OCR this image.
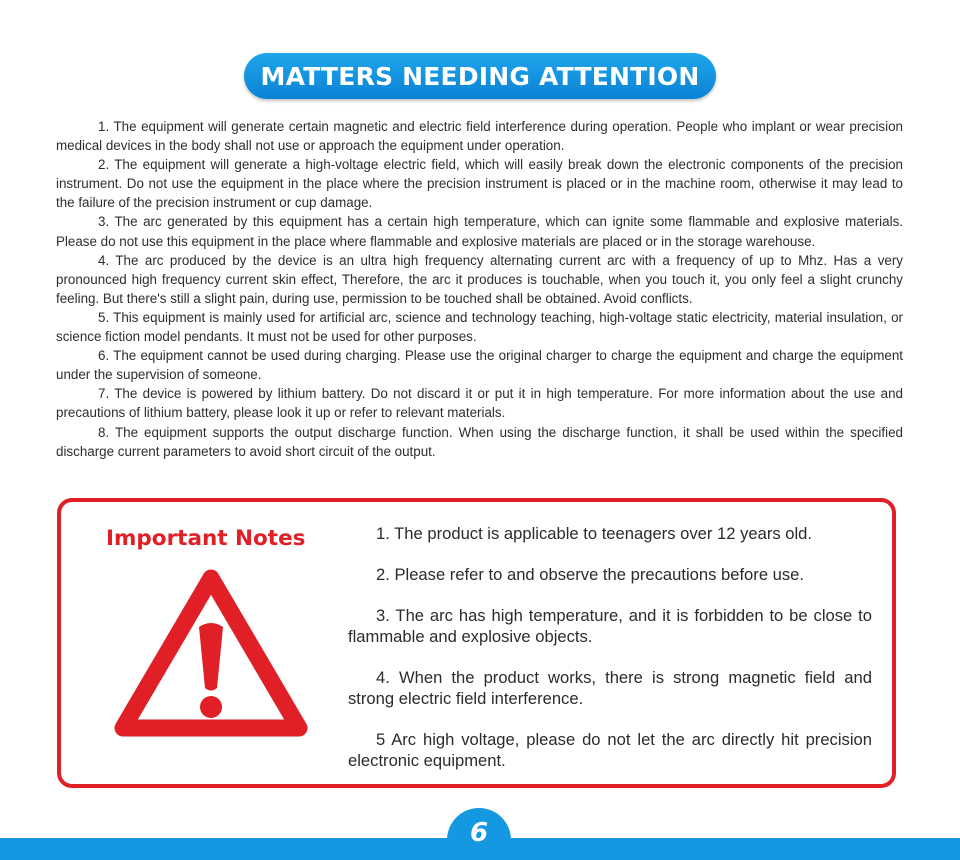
MATTERS NEEDING ATTENTION
1. The equipment will generate certain magnetic and electric field interference during operation. People who implant or wear precision medical devices in the body shall not use or approach the equipment under operation.
2. The equipment will generate a high-voltage electric field, which will easily break down the electronic components of the precision instrument. Do not use the equipment in the place where the precision instrument is placed or in the machine room, otherwise it may lead to the failure of the precision instrument or cup damage.
3. The arc generated by this equipment has a certain high temperature, which can ignite some flammable and explosive materials. Please do not use this equipment in the place where flammable and explosive materials are placed or in the storage warehouse.
4. The arc produced by the device is an ultra high frequency alternating current arc with a frequency of up to Mhz. Has a very pronounced high frequency current skin effect, Therefore, the arc it produces is touchable, when you touch it, you only feel a slight crunchy feeling. But there's still a slight pain, during use, permission to be touched shall be obtained. Avoid conflicts.
5. This equipment is mainly used for artificial arc, science and technology teaching, high-voltage static electricity, material insulation, or science fiction model pendants. It must not be used for other purposes.
6. The equipment cannot be used during charging. Please use the original charger to charge the equipment and charge the equipment under the supervision of someone.
7. The device is powered by lithium battery. Do not discard it or put it in high temperature. For more information about the use and precautions of lithium battery, please look it up or refer to relevant materials.
8. The equipment supports the output discharge function. When using the discharge function, it shall be used within the specified discharge current parameters to avoid short circuit of the output.
Important Notes	1. The product is applicable to teenagers over 12 years old.
2. Please refer to and observe the precautions before use.
3. The arc has high temperature, and it is forbidden to be close to flammable and explosive objects.
4. When the product works, there is strong magnetic field and strong electric field interference.
5 Arc high voltage, please do not let the arc directly hit precision electronic equipment.
6
